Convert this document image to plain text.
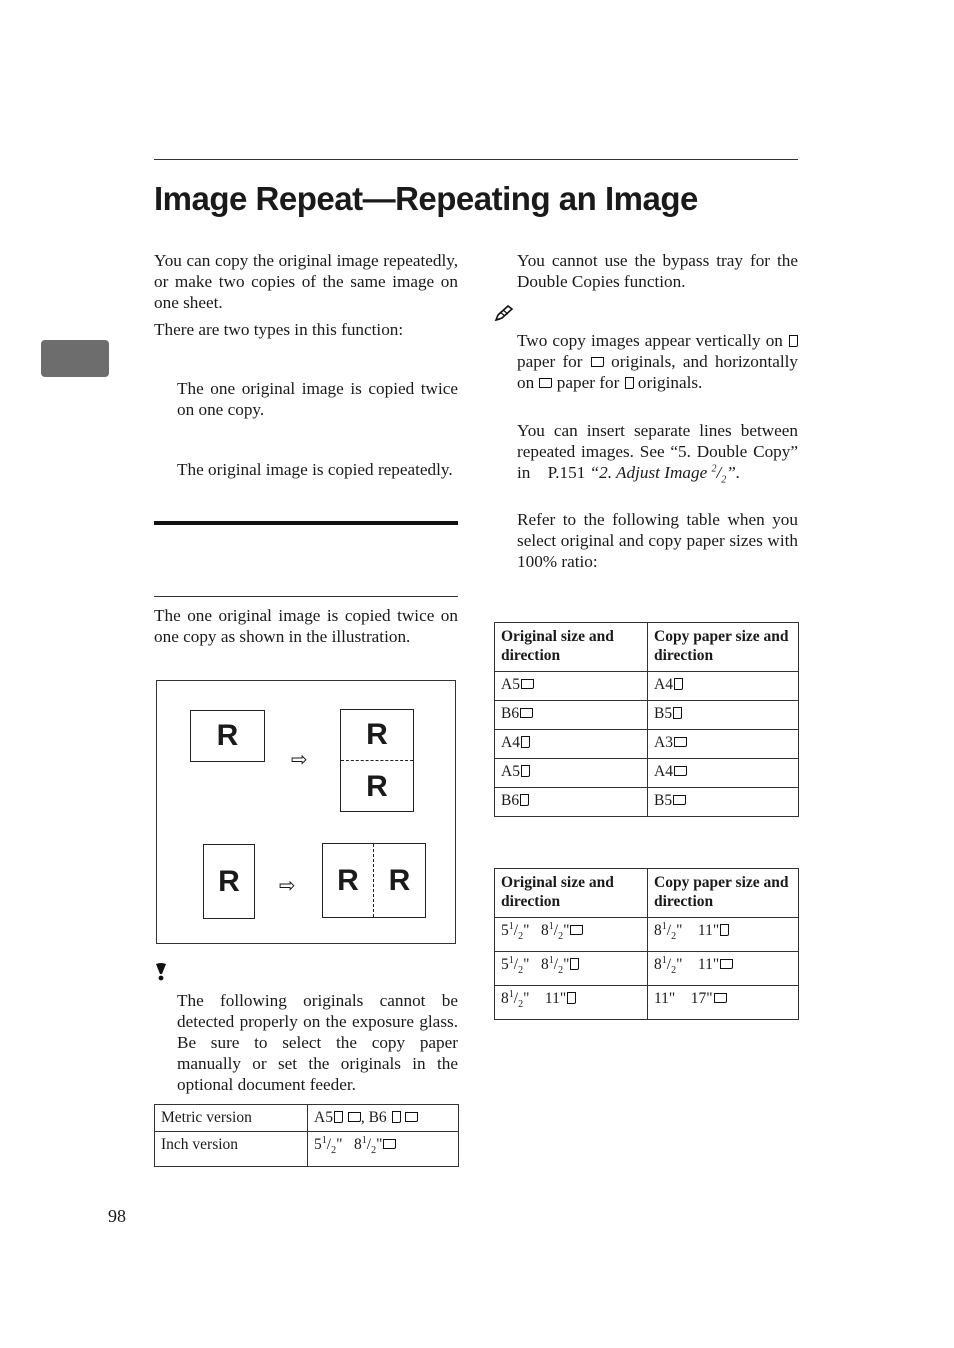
Image Repeat—Repeating an Image
You can copy the original image repeatedly, or make two copies of the same image on one sheet.
There are two types in this function:
The one original image is copied twice on one copy.
The original image is copied repeatedly.
The one original image is copied twice on one copy as shown in the illustration.
R
⇨
R
R
R ⇨ R R
The following originals cannot be detected properly on the exposure glass. Be sure to select the copy paper manually or set the originals in the optional document feeder.
Metric version	A5 , B6
Inch version	$5^1/_2$"   $8^1/_2$"
You cannot use the bypass tray for the Double Copies function.
Two copy images appear vertically on  paper for originals, and horizontally on paper for originals.
You can insert separate lines between repeated images. See “5. Double Copy” in P.151 “2. Adjust Image $^2/_2$”.
Refer to the following table when you select original and copy paper sizes with 100% ratio:
Original size and direction	Copy paper size and direction
A5	A4
B6	B5
A4	A3
A5	A4
B6	B5
Original size and direction	Copy paper size and direction
$5^1/_2$"   $8^1/_2$"	$8^1/_2$"    11"
$5^1/_2$"   $8^1/_2$"	$8^1/_2$"    11"
$8^1/_2$"    11"	11"    17"
98
